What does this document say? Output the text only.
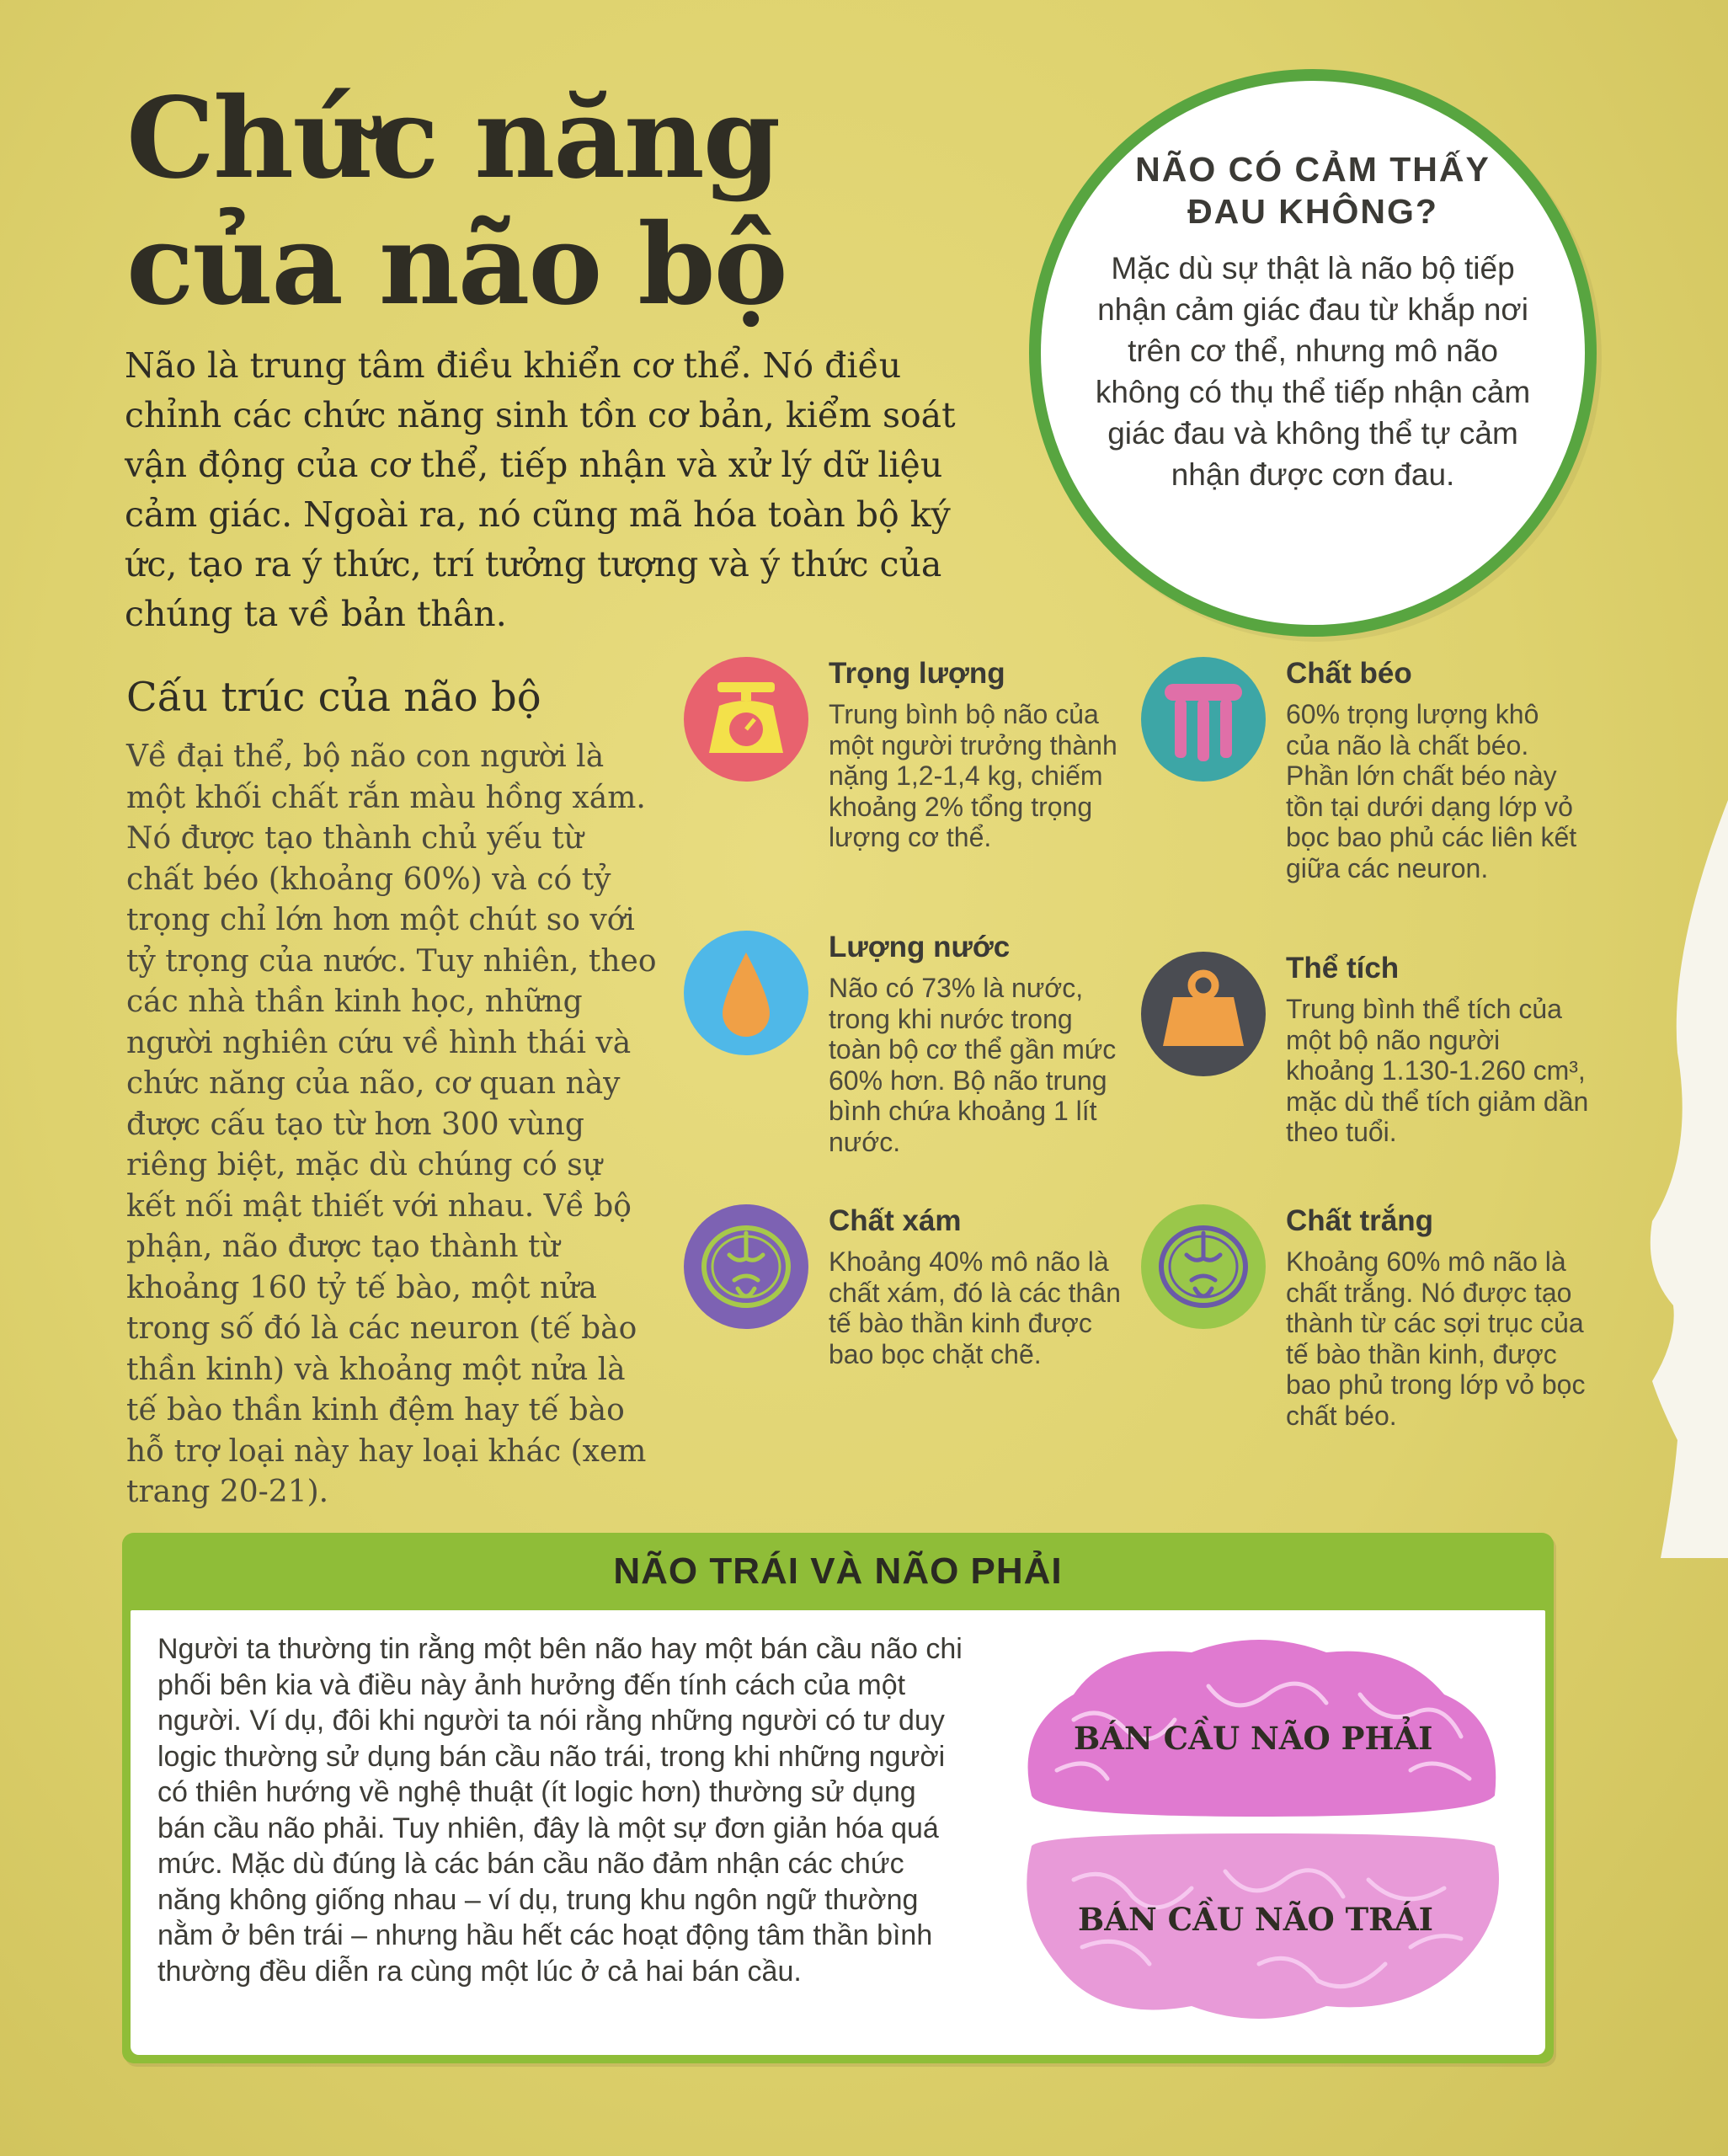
Chức năng của não bộ

Não là trung tâm điều khiển cơ thể. Nó điều chỉnh các chức năng sinh tồn cơ bản, kiểm soát vận động của cơ thể, tiếp nhận và xử lý dữ liệu cảm giác. Ngoài ra, nó cũng mã hóa toàn bộ ký ức, tạo ra ý thức, trí tưởng tượng và ý thức của chúng ta về bản thân.

Cấu trúc của não bộ

Về đại thể, bộ não con người là một khối chất rắn màu hồng xám. Nó được tạo thành chủ yếu từ chất béo (khoảng 60%) và có tỷ trọng chỉ lớn hơn một chút so với tỷ trọng của nước. Tuy nhiên, theo các nhà thần kinh học, những người nghiên cứu về hình thái và chức năng của não, cơ quan này được cấu tạo từ hơn 300 vùng riêng biệt, mặc dù chúng có sự kết nối mật thiết với nhau. Về bộ phận, não được tạo thành từ khoảng 160 tỷ tế bào, một nửa trong số đó là các neuron (tế bào thần kinh) và khoảng một nửa là tế bào thần kinh đệm hay tế bào hỗ trợ loại này hay loại khác (xem trang 20-21).

NÃO CÓ CẢM THẤY ĐAU KHÔNG?
Mặc dù sự thật là não bộ tiếp nhận cảm giác đau từ khắp nơi trên cơ thể, nhưng mô não không có thụ thể tiếp nhận cảm giác đau và không thể tự cảm nhận được cơn đau.
Trọng lượng
Trung bình bộ não của một người trưởng thành nặng 1,2-1,4 kg, chiếm khoảng 2% tổng trọng lượng cơ thể.
Chất béo
60% trọng lượng khô của não là chất béo. Phần lớn chất béo này tồn tại dưới dạng lớp vỏ bọc bao phủ các liên kết giữa các neuron.
Lượng nước
Não có 73% là nước, trong khi nước trong toàn bộ cơ thể gần mức 60% hơn. Bộ não trung bình chứa khoảng 1 lít nước.
Thể tích
Trung bình thể tích của một bộ não người khoảng 1.130-1.260 cm³, mặc dù thể tích giảm dần theo tuổi.
Chất xám
Khoảng 40% mô não là chất xám, đó là các thân tế bào thần kinh được bao bọc chặt chẽ.
Chất trắng
Khoảng 60% mô não là chất trắng. Nó được tạo thành từ các sợi trục của tế bào thần kinh, được bao phủ trong lớp vỏ bọc chất béo.
NÃO TRÁI VÀ NÃO PHẢI

Người ta thường tin rằng một bên não hay một bán cầu não chi phối bên kia và điều này ảnh hưởng đến tính cách của một người. Ví dụ, đôi khi người ta nói rằng những người có tư duy logic thường sử dụng bán cầu não trái, trong khi những người có thiên hướng về nghệ thuật (ít logic hơn) thường sử dụng bán cầu não phải. Tuy nhiên, đây là một sự đơn giản hóa quá mức. Mặc dù đúng là các bán cầu não đảm nhận các chức năng không giống nhau – ví dụ, trung khu ngôn ngữ thường nằm ở bên trái – nhưng hầu hết các hoạt động tâm thần bình thường đều diễn ra cùng một lúc ở cả hai bán cầu.

BÁN CẦU NÃO PHẢI
BÁN CẦU NÃO TRÁI
